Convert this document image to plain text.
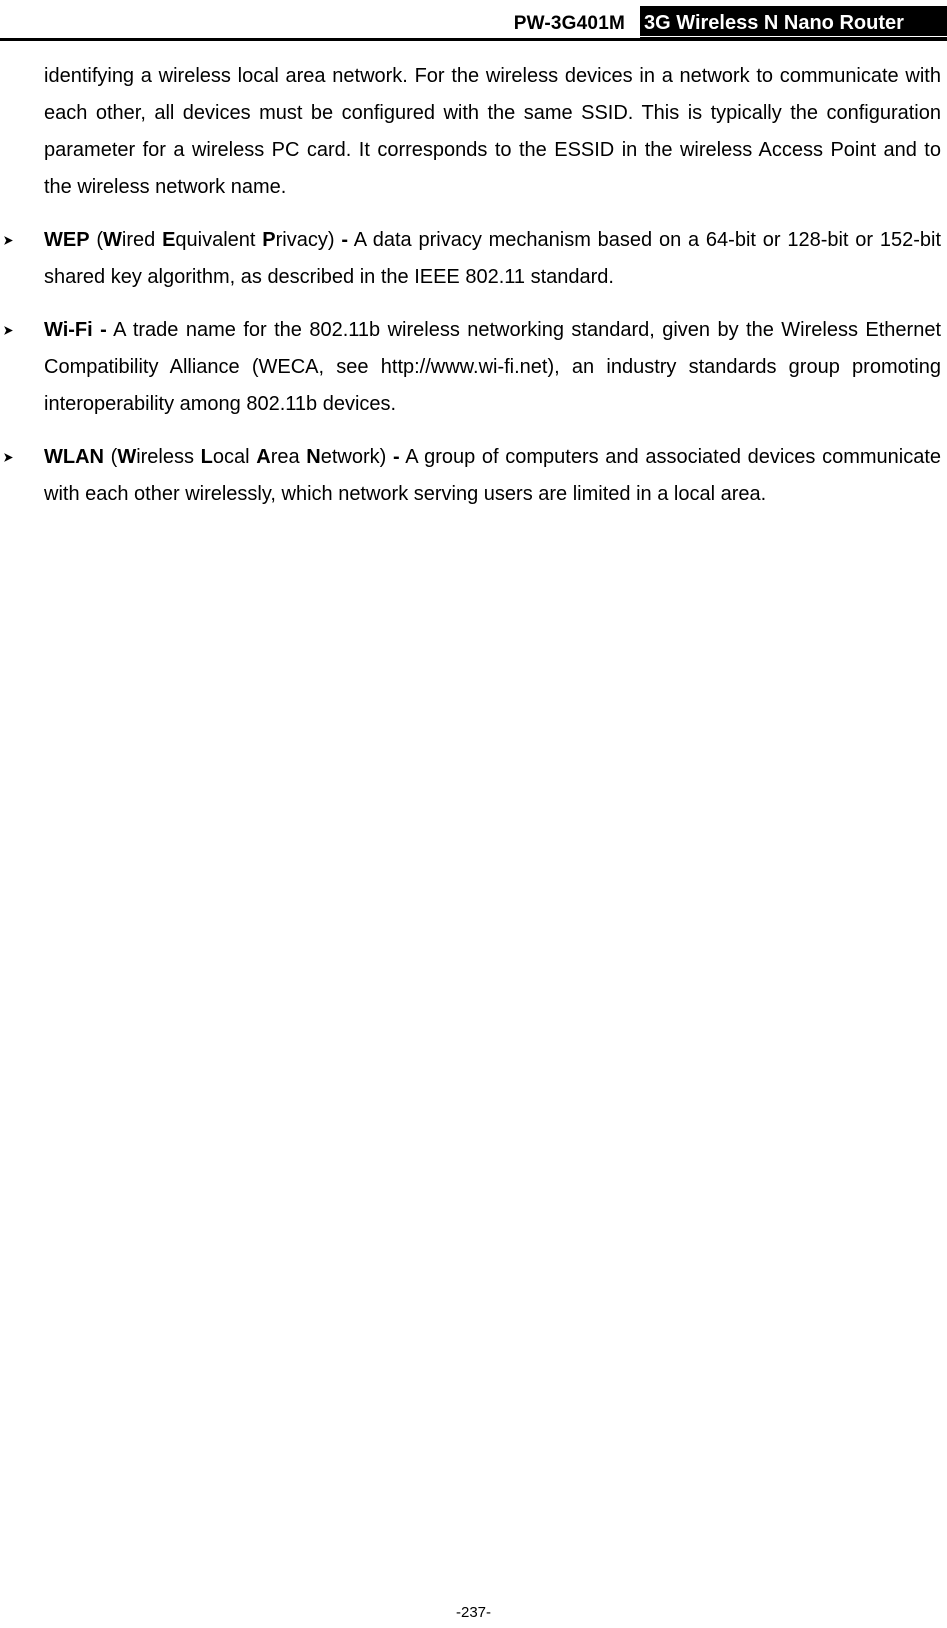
PW-3G401M 3G Wireless N Nano Router

identifying a wireless local area network. For the wireless devices in a network to communicate with each other, all devices must be configured with the same SSID. This is typically the configuration parameter for a wireless PC card. It corresponds to the ESSID in the wireless Access Point and to the wireless network name.

WEP (Wired Equivalent Privacy) - A data privacy mechanism based on a 64-bit or 128-bit or 152-bit shared key algorithm, as described in the IEEE 802.11 standard.

Wi-Fi - A trade name for the 802.11b wireless networking standard, given by the Wireless Ethernet Compatibility Alliance (WECA, see http://www.wi-fi.net), an industry standards group promoting interoperability among 802.11b devices.

WLAN (Wireless Local Area Network) - A group of computers and associated devices communicate with each other wirelessly, which network serving users are limited in a local area.

-237-
